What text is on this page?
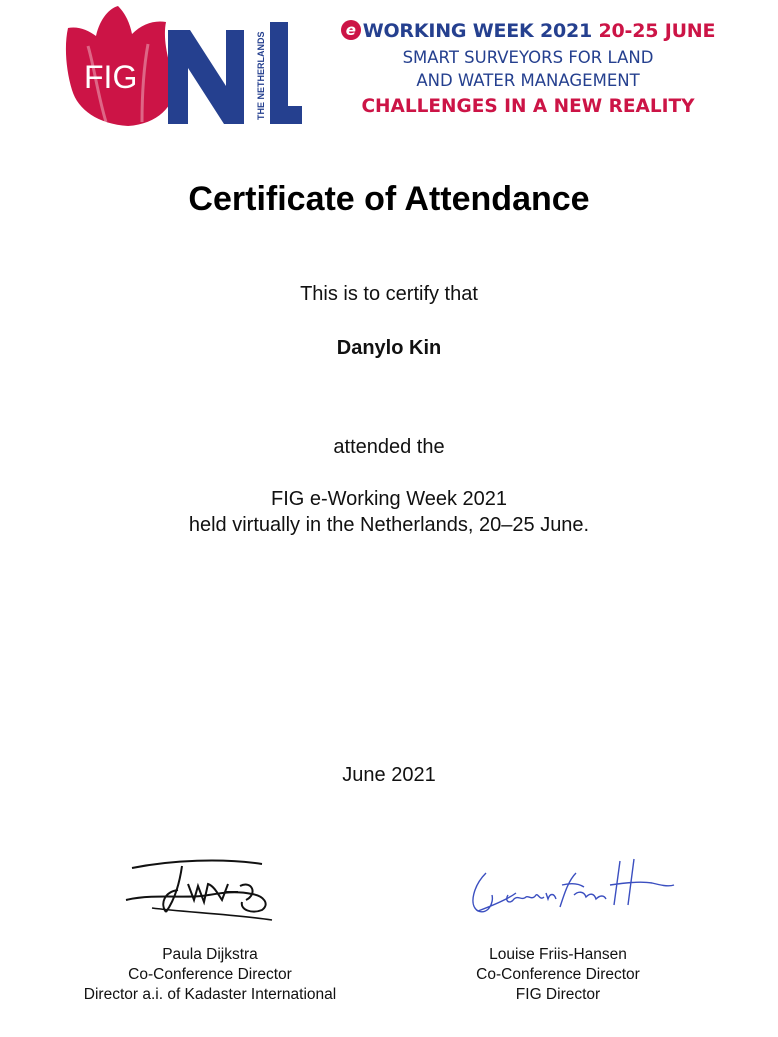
FIG	THE NETHERLANDS
e WORKING WEEK 2021 20-25 JUNE
SMART SURVEYORS FOR LAND
AND WATER MANAGEMENT
CHALLENGES IN A NEW REALITY
Certificate of Attendance
This is to certify that
Danylo Kin
attended the
FIG e-Working Week 2021
held virtually in the Netherlands, 20–25 June.
June 2021
Paula Dijkstra
Co-Conference Director
Director a.i. of Kadaster International
Louise Friis-Hansen
Co-Conference Director
FIG Director
